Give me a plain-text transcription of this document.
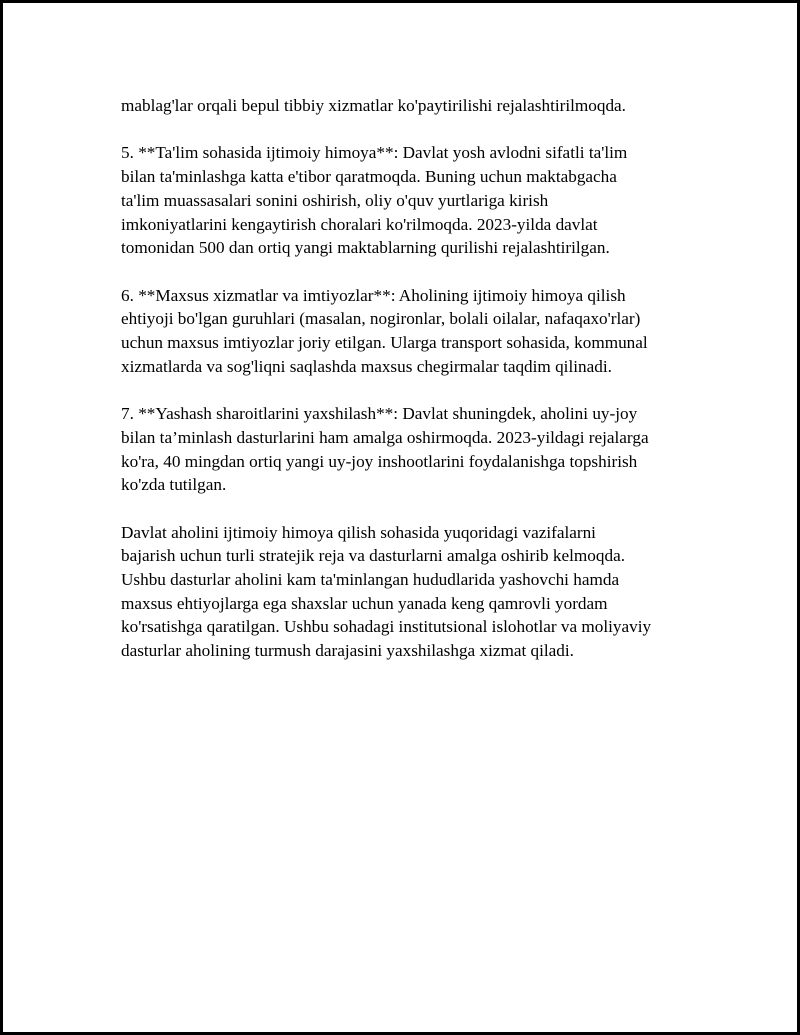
mablag'lar orqali bepul tibbiy xizmatlar ko'paytirilishi rejalashtirilmoqda.

5. **Ta'lim sohasida ijtimoiy himoya**: Davlat yosh avlodni sifatli ta'lim
bilan ta'minlashga katta e'tibor qaratmoqda. Buning uchun maktabgacha
ta'lim muassasalari sonini oshirish, oliy o'quv yurtlariga kirish
imkoniyatlarini kengaytirish choralari ko'rilmoqda. 2023-yilda davlat
tomonidan 500 dan ortiq yangi maktablarning qurilishi rejalashtirilgan.

6. **Maxsus xizmatlar va imtiyozlar**: Aholining ijtimoiy himoya qilish
ehtiyoji bo'lgan guruhlari (masalan, nogironlar, bolali oilalar, nafaqaxo'rlar)
uchun maxsus imtiyozlar joriy etilgan. Ularga transport sohasida, kommunal
xizmatlarda va sog'liqni saqlashda maxsus chegirmalar taqdim qilinadi.

7. **Yashash sharoitlarini yaxshilash**: Davlat shuningdek, aholini uy-joy
bilan ta’minlash dasturlarini ham amalga oshirmoqda. 2023-yildagi rejalarga
ko'ra, 40 mingdan ortiq yangi uy-joy inshootlarini foydalanishga topshirish
ko'zda tutilgan.

Davlat aholini ijtimoiy himoya qilish sohasida yuqoridagi vazifalarni
bajarish uchun turli stratejik reja va dasturlarni amalga oshirib kelmoqda.
Ushbu dasturlar aholini kam ta'minlangan hududlarida yashovchi hamda
maxsus ehtiyojlarga ega shaxslar uchun yanada keng qamrovli yordam
ko'rsatishga qaratilgan. Ushbu sohadagi institutsional islohotlar va moliyaviy
dasturlar aholining turmush darajasini yaxshilashga xizmat qiladi.
